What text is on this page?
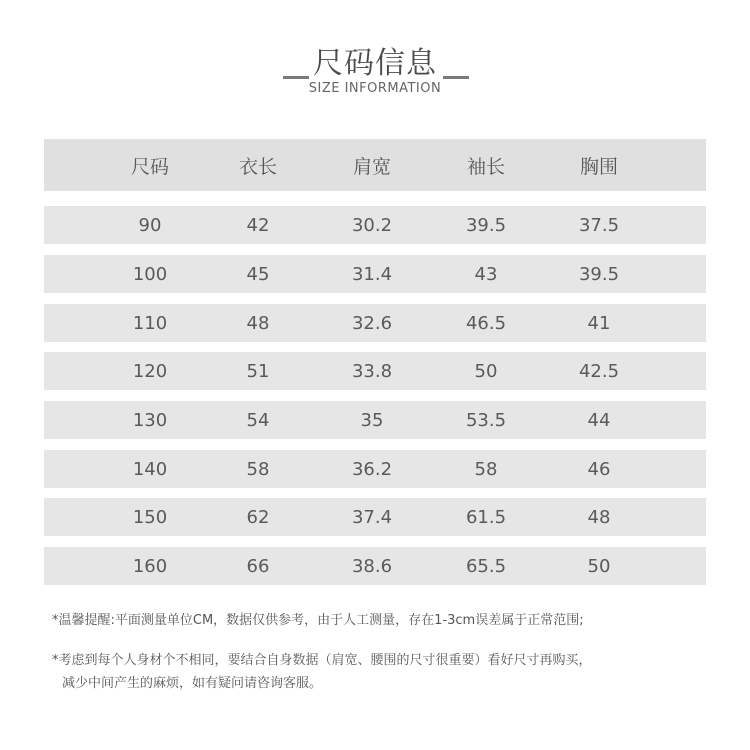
尺码信息
SIZE INFORMATION
尺码	衣长	肩宽	袖长	胸围
90	42	30.2	39.5	37.5
100	45	31.4	43	39.5
110	48	32.6	46.5	41
120	51	33.8	50	42.5
130	54	35	53.5	44
140	58	36.2	58	46
150	62	37.4	61.5	48
160	66	38.6	65.5	50
*温馨提醒:平面测量单位CM，数据仅供参考，由于人工测量，存在1-3cm误差属于正常范围;
*考虑到每个人身材个不相同，要结合自身数据（肩宽、腰围的尺寸很重要）看好尺寸再购买，
减少中间产生的麻烦，如有疑问请咨询客服。
